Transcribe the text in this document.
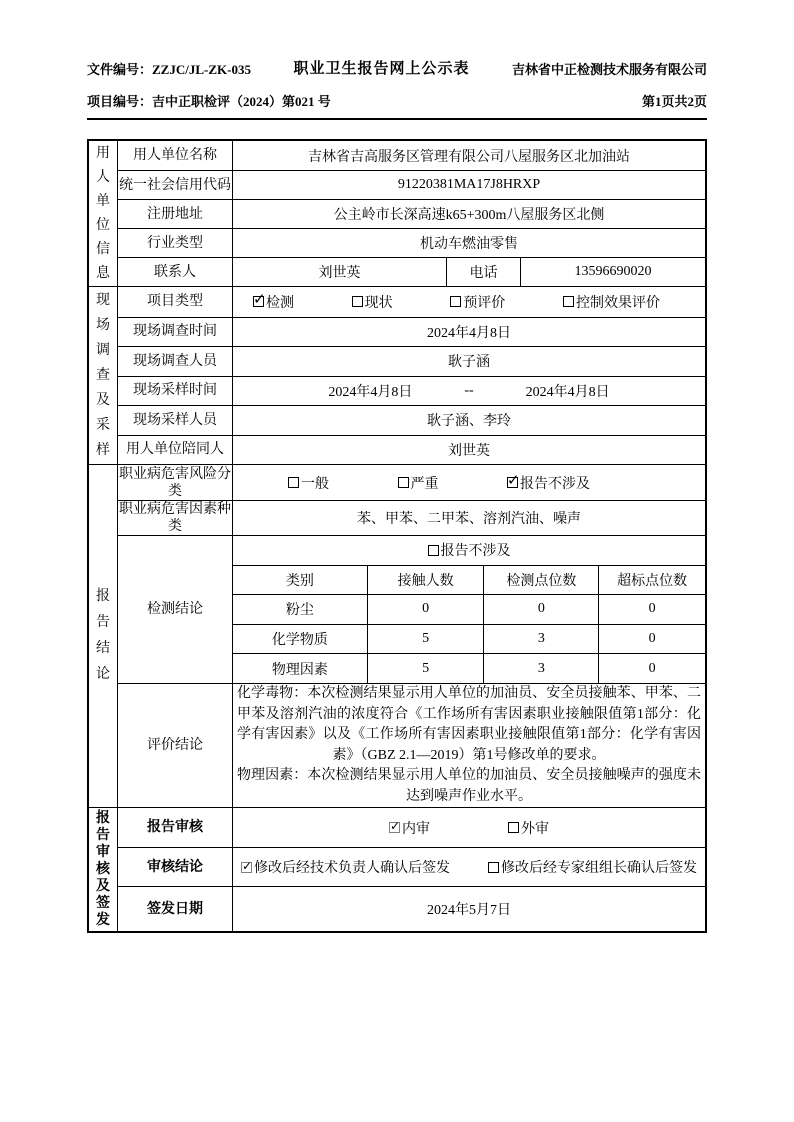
文件编号：ZZJC/JL-ZK-035	职业卫生报告网上公示表	吉林省中正检测技术服务有限公司
项目编号：吉中正职检评（2024）第021 号	第1页共2页
用人单位信息
用人单位名称	吉林省吉高服务区管理有限公司八屋服务区北加油站
统一社会信用代码	91220381MA17J8HRXP
注册地址	公主岭市长深高速k65+300m八屋服务区北侧
行业类型	机动车燃油零售
联系人	刘世英	电话	13596690020
现场调查及采样
项目类型 ✓	检测	现状	预评价	控制效果评价
现场调查时间	2024年4月8日
现场调查人员	耿子涵
现场采样时间	2024年4月8日	--	2024年4月8日
现场采样人员	耿子涵、李玲
用人单位陪同人	刘世英
报告结论
职业病危害风险分类	一般	严重 ✓	报告不涉及
职业病危害因素种类	苯、甲苯、二甲苯、溶剂汽油、噪声
检测结论
报告不涉及
类别	接触人数	检测点位数	超标点位数
粉尘	0	0	0
化学物质	5	3	0
物理因素	5	3	0
评价结论

化学毒物：本次检测结果显示用人单位的加油员、安全员接触苯、甲苯、二甲苯及溶剂汽油的浓度符合《工作场所有害因素职业接触限值第1部分：化学有害因素》以及《工作场所有害因素职业接触限值第1部分：化学有害因素》（GBZ 2.1—2019）第1号修改单的要求。

物理因素：本次检测结果显示用人单位的加油员、安全员接触噪声的强度未达到噪声作业水平。

报告审核及签发
报告审核 ✓	内审	外审
审核结论 ✓	修改后经技术负责人确认后签发	修改后经专家组组长确认后签发
签发日期	2024年5月7日
